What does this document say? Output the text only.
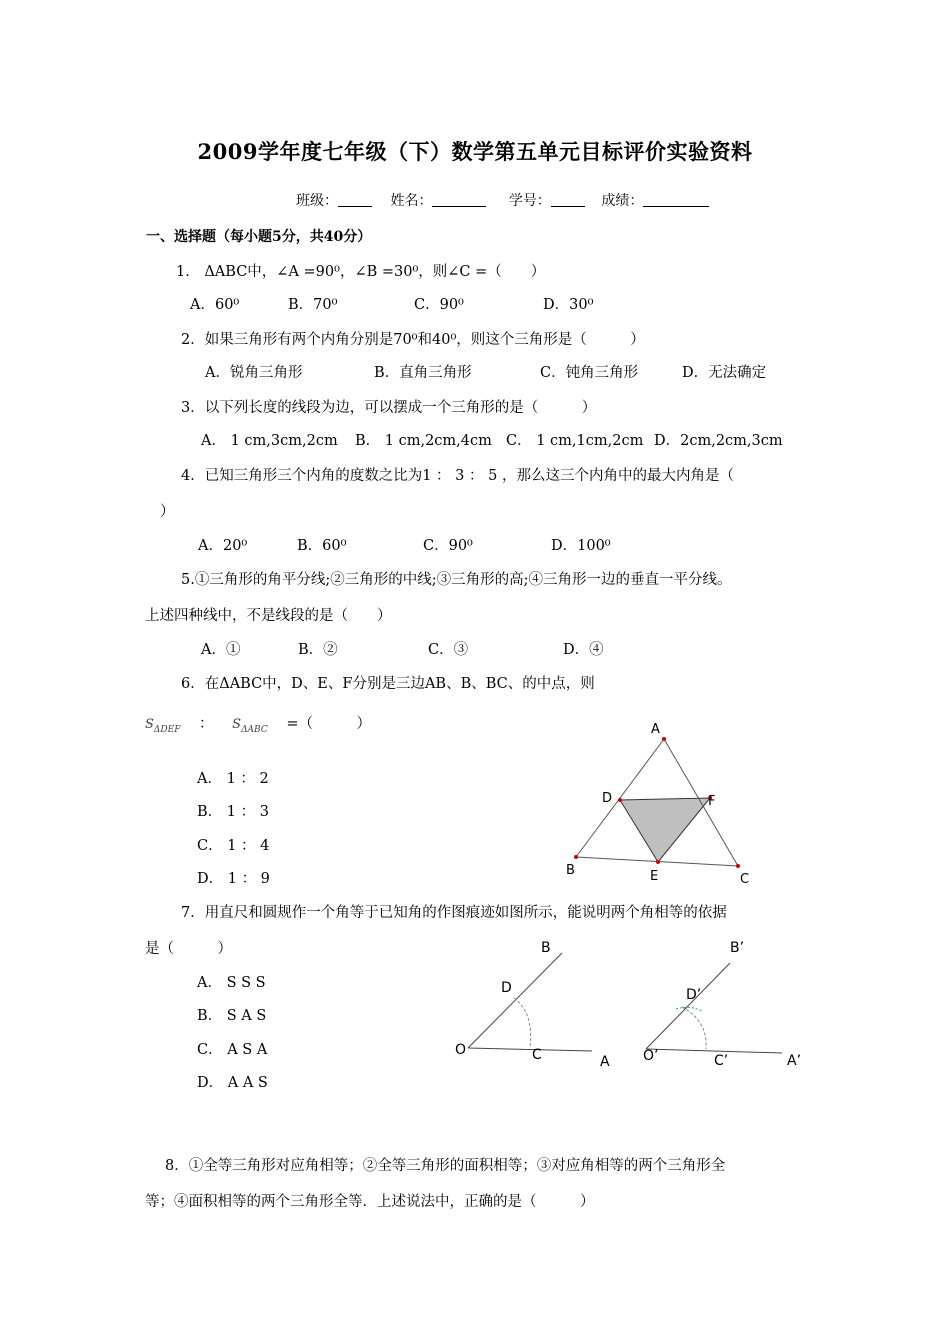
2009学年度七年级（下）数学第五单元目标评价实验资料
班级：	姓名：	学号：	成绩：
一、选择题（每小题5分，共40分）
1． ΔABC中，∠A =90⁰，∠B =30⁰，则∠C =（　　）
A．60⁰	B．70⁰	C．90⁰	D．30⁰
2．如果三角形有两个内角分别是70⁰和40⁰，则这个三角形是（　　　）
A．锐角三角形	B．直角三角形	C．钝角三角形	D．无法确定
3．以下列长度的线段为边，可以摆成一个三角形的是（　　　）
A． 1 cm,3cm,2cm B． 1 cm,2cm,4cm C． 1 cm,1cm,2cm D．2cm,2cm,3cm
4．已知三角形三个内角的度数之比为1 ： 3 ： 5 ，那么这三个内角中的最大内角是（
）
A．20⁰	B．60⁰	C．90⁰	D．100⁰
5.①三角形的角平分线;②三角形的中线;③三角形的高;④三角形一边的垂直一平分线。
上述四种线中，不是线段的是（　　）
A．①	B．②	C．③	D．④
6．在ΔABC中，D、E、F分别是三边AB、B、BC、的中点，则
$S_{\Delta DEF}$ ： $S_{\Delta ABC}$ =（　　　）
A． 1 ： 2
B． 1 ： 3
C． 1 ： 4
D． 1 ： 9
A
B
C
D
E
F
7．用直尺和圆规作一个角等于已知角的作图痕迹如图所示，能说明两个角相等的依据
是（　　　）
A． S S S
B． S A S
C． A S A
D． A A S
B
D
O	C	A
B’
D’
O’	C’	A’
8．①全等三角形对应角相等；②全等三角形的面积相等；③对应角相等的两个三角形全
等；④面积相等的两个三角形全等．上述说法中，正确的是（　　　）
